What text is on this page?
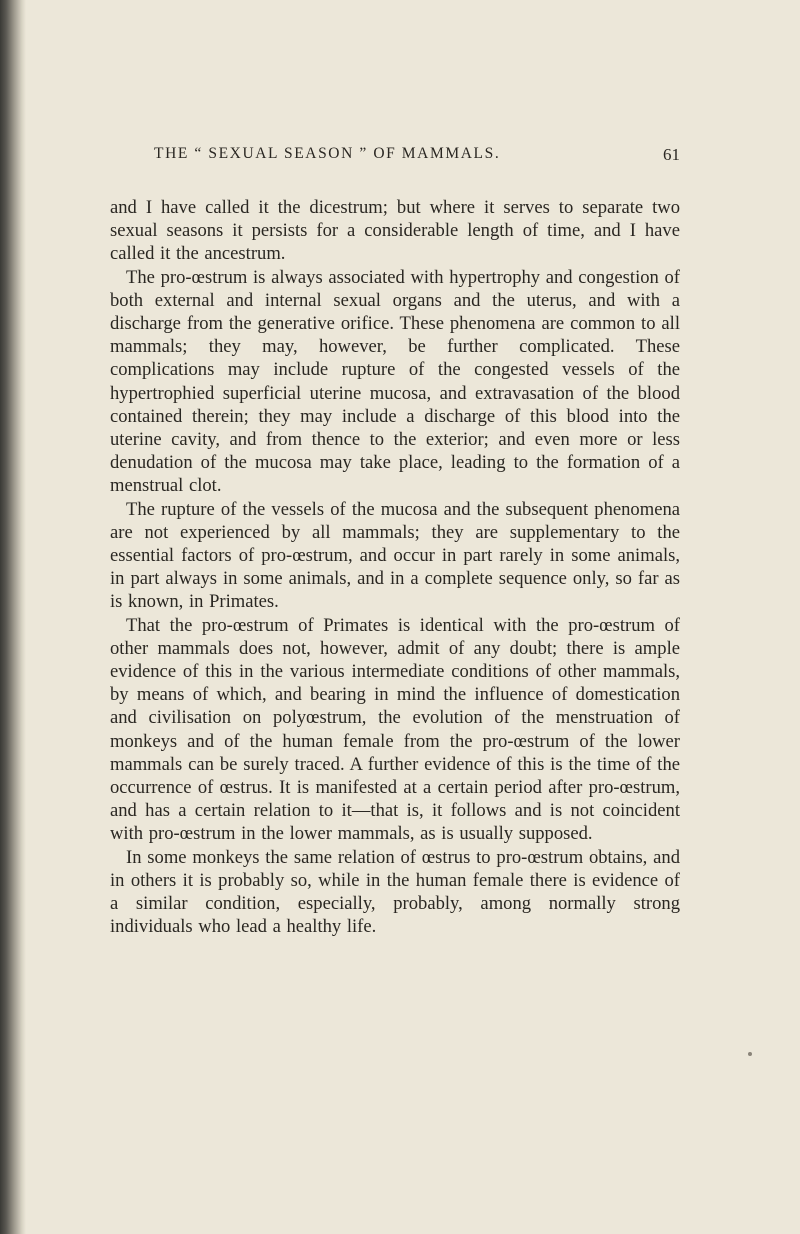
THE “ SEXUAL SEASON ” OF MAMMALS.	61

and I have called it the dicestrum; but where it serves to separate two sexual seasons it persists for a considerable length of time, and I have called it the ancestrum.

The pro-œstrum is always associated with hypertrophy and congestion of both external and internal sexual organs and the uterus, and with a discharge from the generative orifice. These phenomena are common to all mammals; they may, however, be further complicated. These complications may include rupture of the congested vessels of the hypertrophied superficial uterine mucosa, and extravasation of the blood contained therein; they may include a discharge of this blood into the uterine cavity, and from thence to the exterior; and even more or less denudation of the mucosa may take place, leading to the formation of a menstrual clot.

The rupture of the vessels of the mucosa and the subsequent phenomena are not experienced by all mammals; they are supplementary to the essential factors of pro-œstrum, and occur in part rarely in some animals, in part always in some animals, and in a complete sequence only, so far as is known, in Primates.

That the pro-œstrum of Primates is identical with the pro-œstrum of other mammals does not, however, admit of any doubt; there is ample evidence of this in the various intermediate conditions of other mammals, by means of which, and bearing in mind the influence of domestication and civilisation on polyœstrum, the evolution of the menstruation of monkeys and of the human female from the pro-œstrum of the lower mammals can be surely traced. A further evidence of this is the time of the occurrence of œstrus. It is manifested at a certain period after pro-œstrum, and has a certain relation to it—that is, it follows and is not coincident with pro-œstrum in the lower mammals, as is usually supposed.

In some monkeys the same relation of œstrus to pro-œstrum obtains, and in others it is probably so, while in the human female there is evidence of a similar condition, especially, probably, among normally strong individuals who lead a healthy life.
